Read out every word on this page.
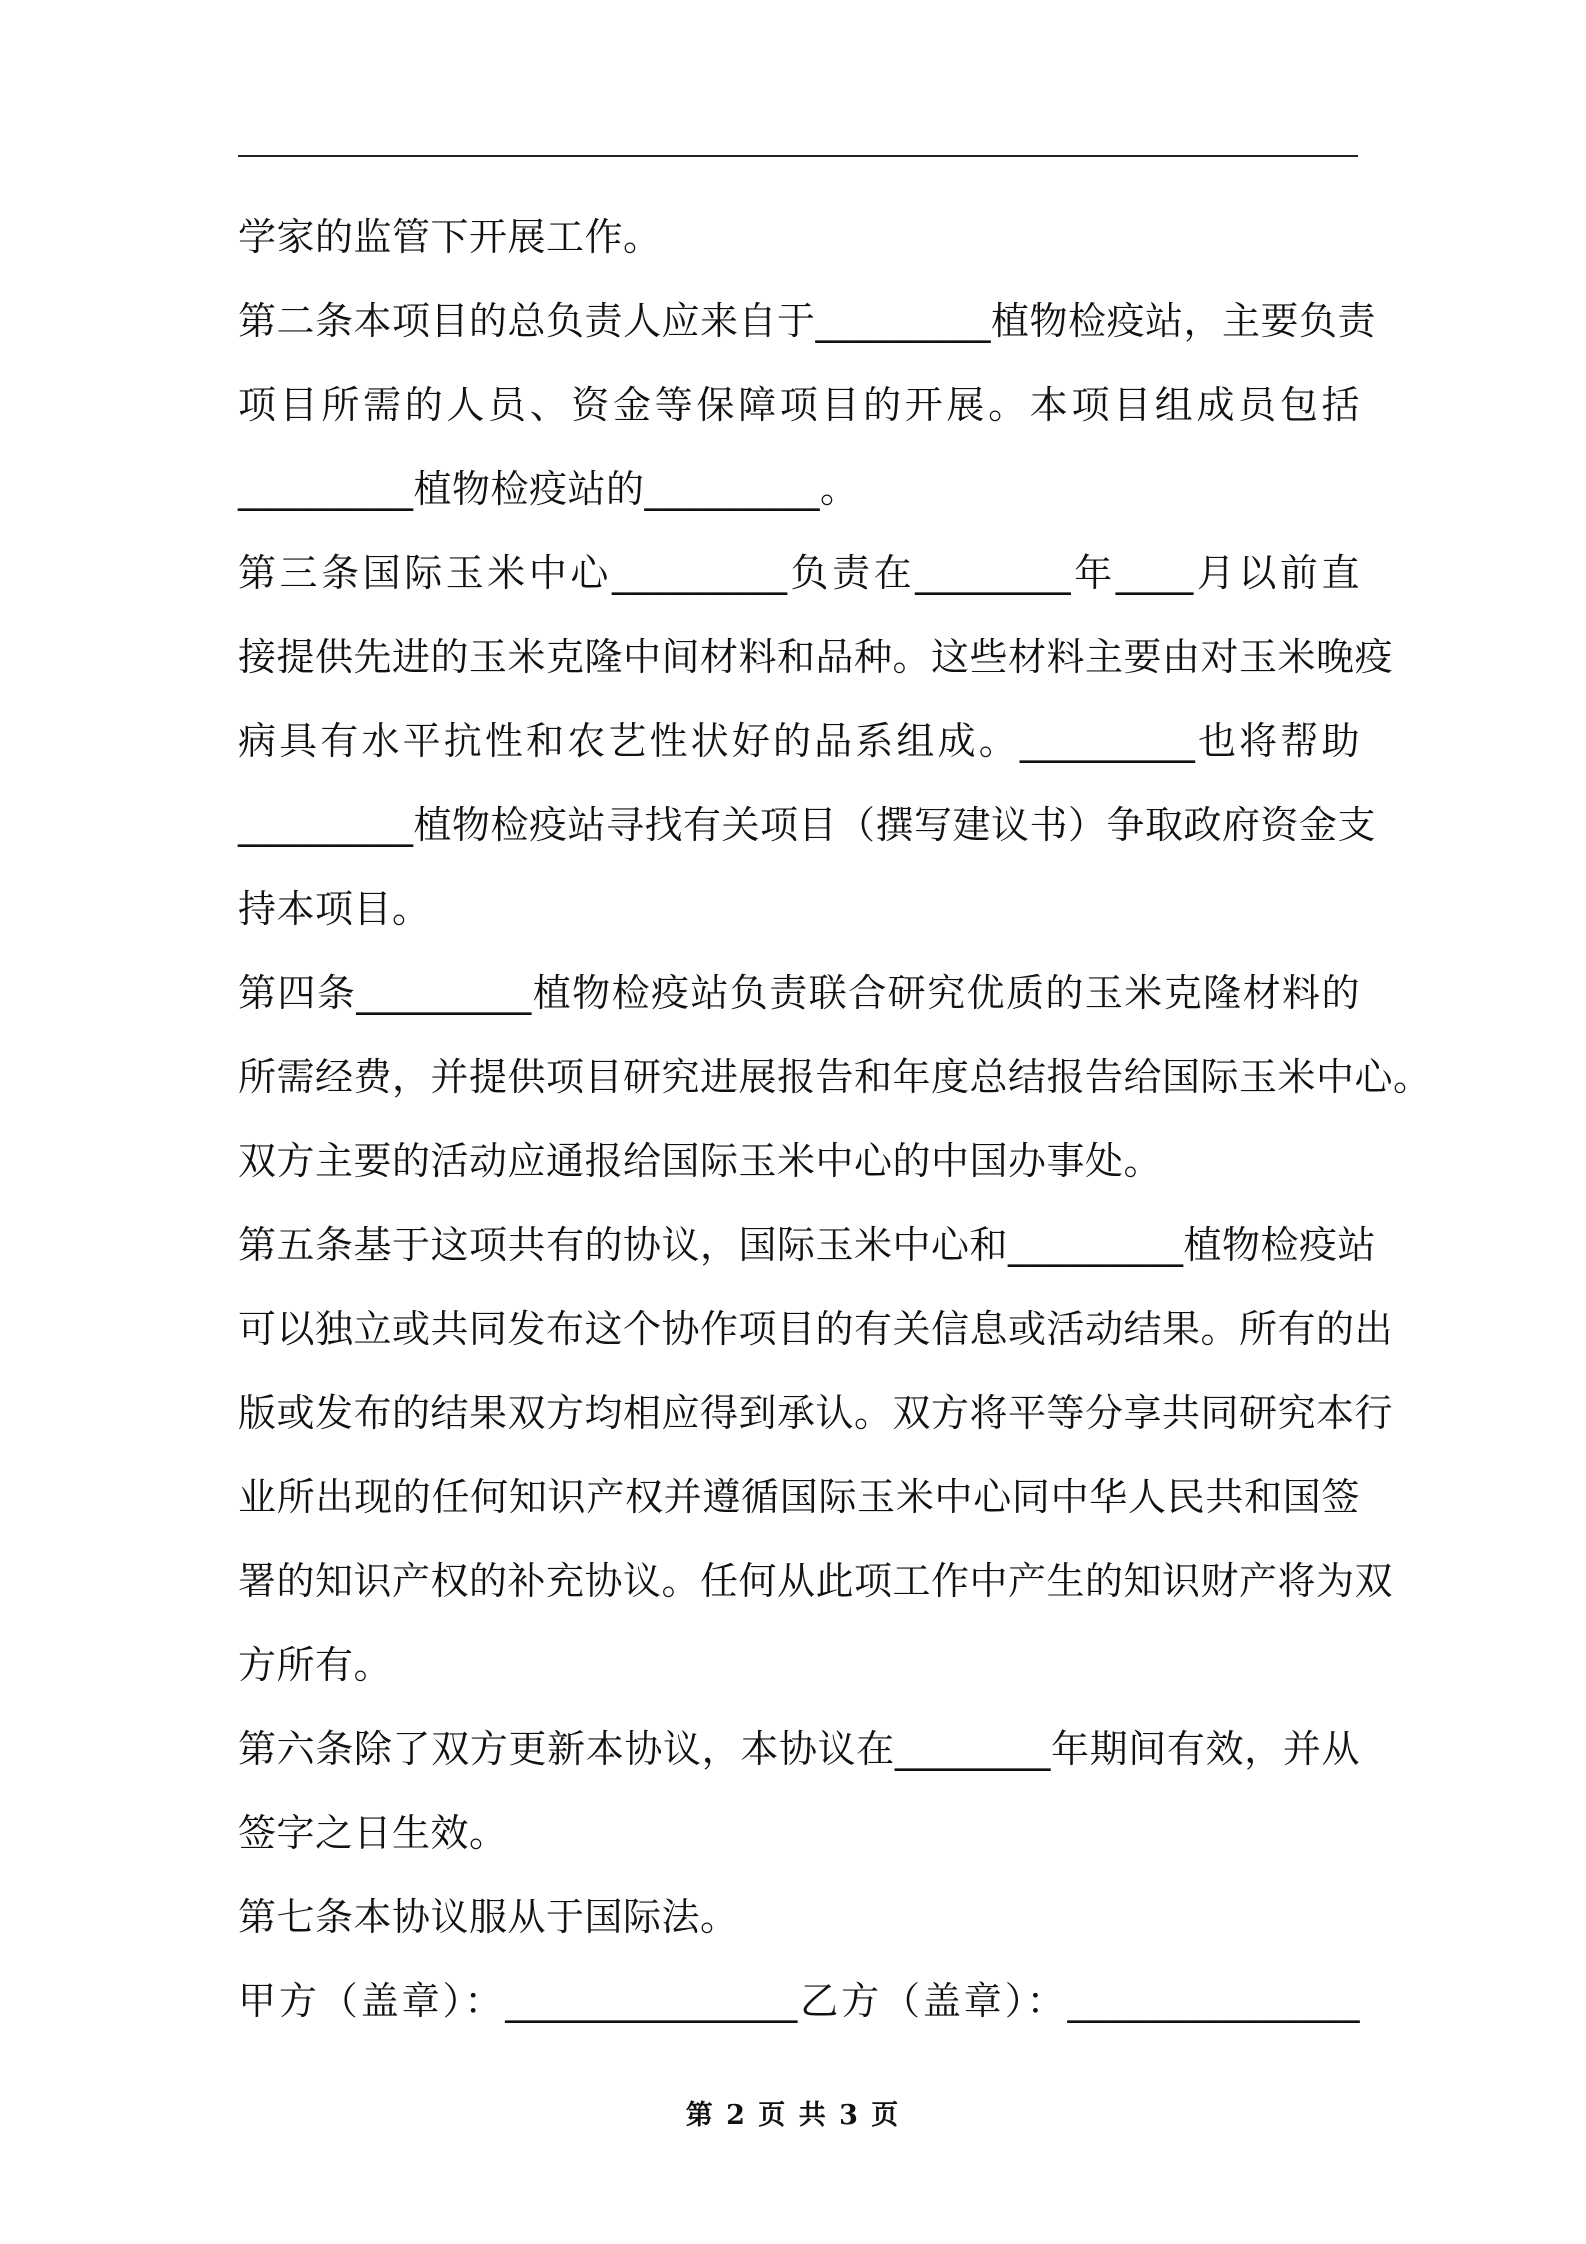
学家的监管下开展工作。
第二条本项目的总负责人应来自于_________植物检疫站，主要负责
项目所需的人员、资金等保障项目的开展。本项目组成员包括
_________植物检疫站的_________。
第三条国际玉米中心_________负责在________年____月以前直
接提供先进的玉米克隆中间材料和品种。这些材料主要由对玉米晚疫
病具有水平抗性和农艺性状好的品系组成。_________也将帮助
_________植物检疫站寻找有关项目（撰写建议书）争取政府资金支
持本项目。
第四条_________植物检疫站负责联合研究优质的玉米克隆材料的
所需经费，并提供项目研究进展报告和年度总结报告给国际玉米中心。
双方主要的活动应通报给国际玉米中心的中国办事处。
第五条基于这项共有的协议，国际玉米中心和_________植物检疫站
可以独立或共同发布这个协作项目的有关信息或活动结果。所有的出
版或发布的结果双方均相应得到承认。双方将平等分享共同研究本行
业所出现的任何知识产权并遵循国际玉米中心同中华人民共和国签
署的知识产权的补充协议。任何从此项工作中产生的知识财产将为双
方所有。
第六条除了双方更新本协议，本协议在________年期间有效，并从
签字之日生效。
第七条本协议服从于国际法。
甲方（盖章）：_______________乙方（盖章）：_______________
第 2 页 共 3 页
